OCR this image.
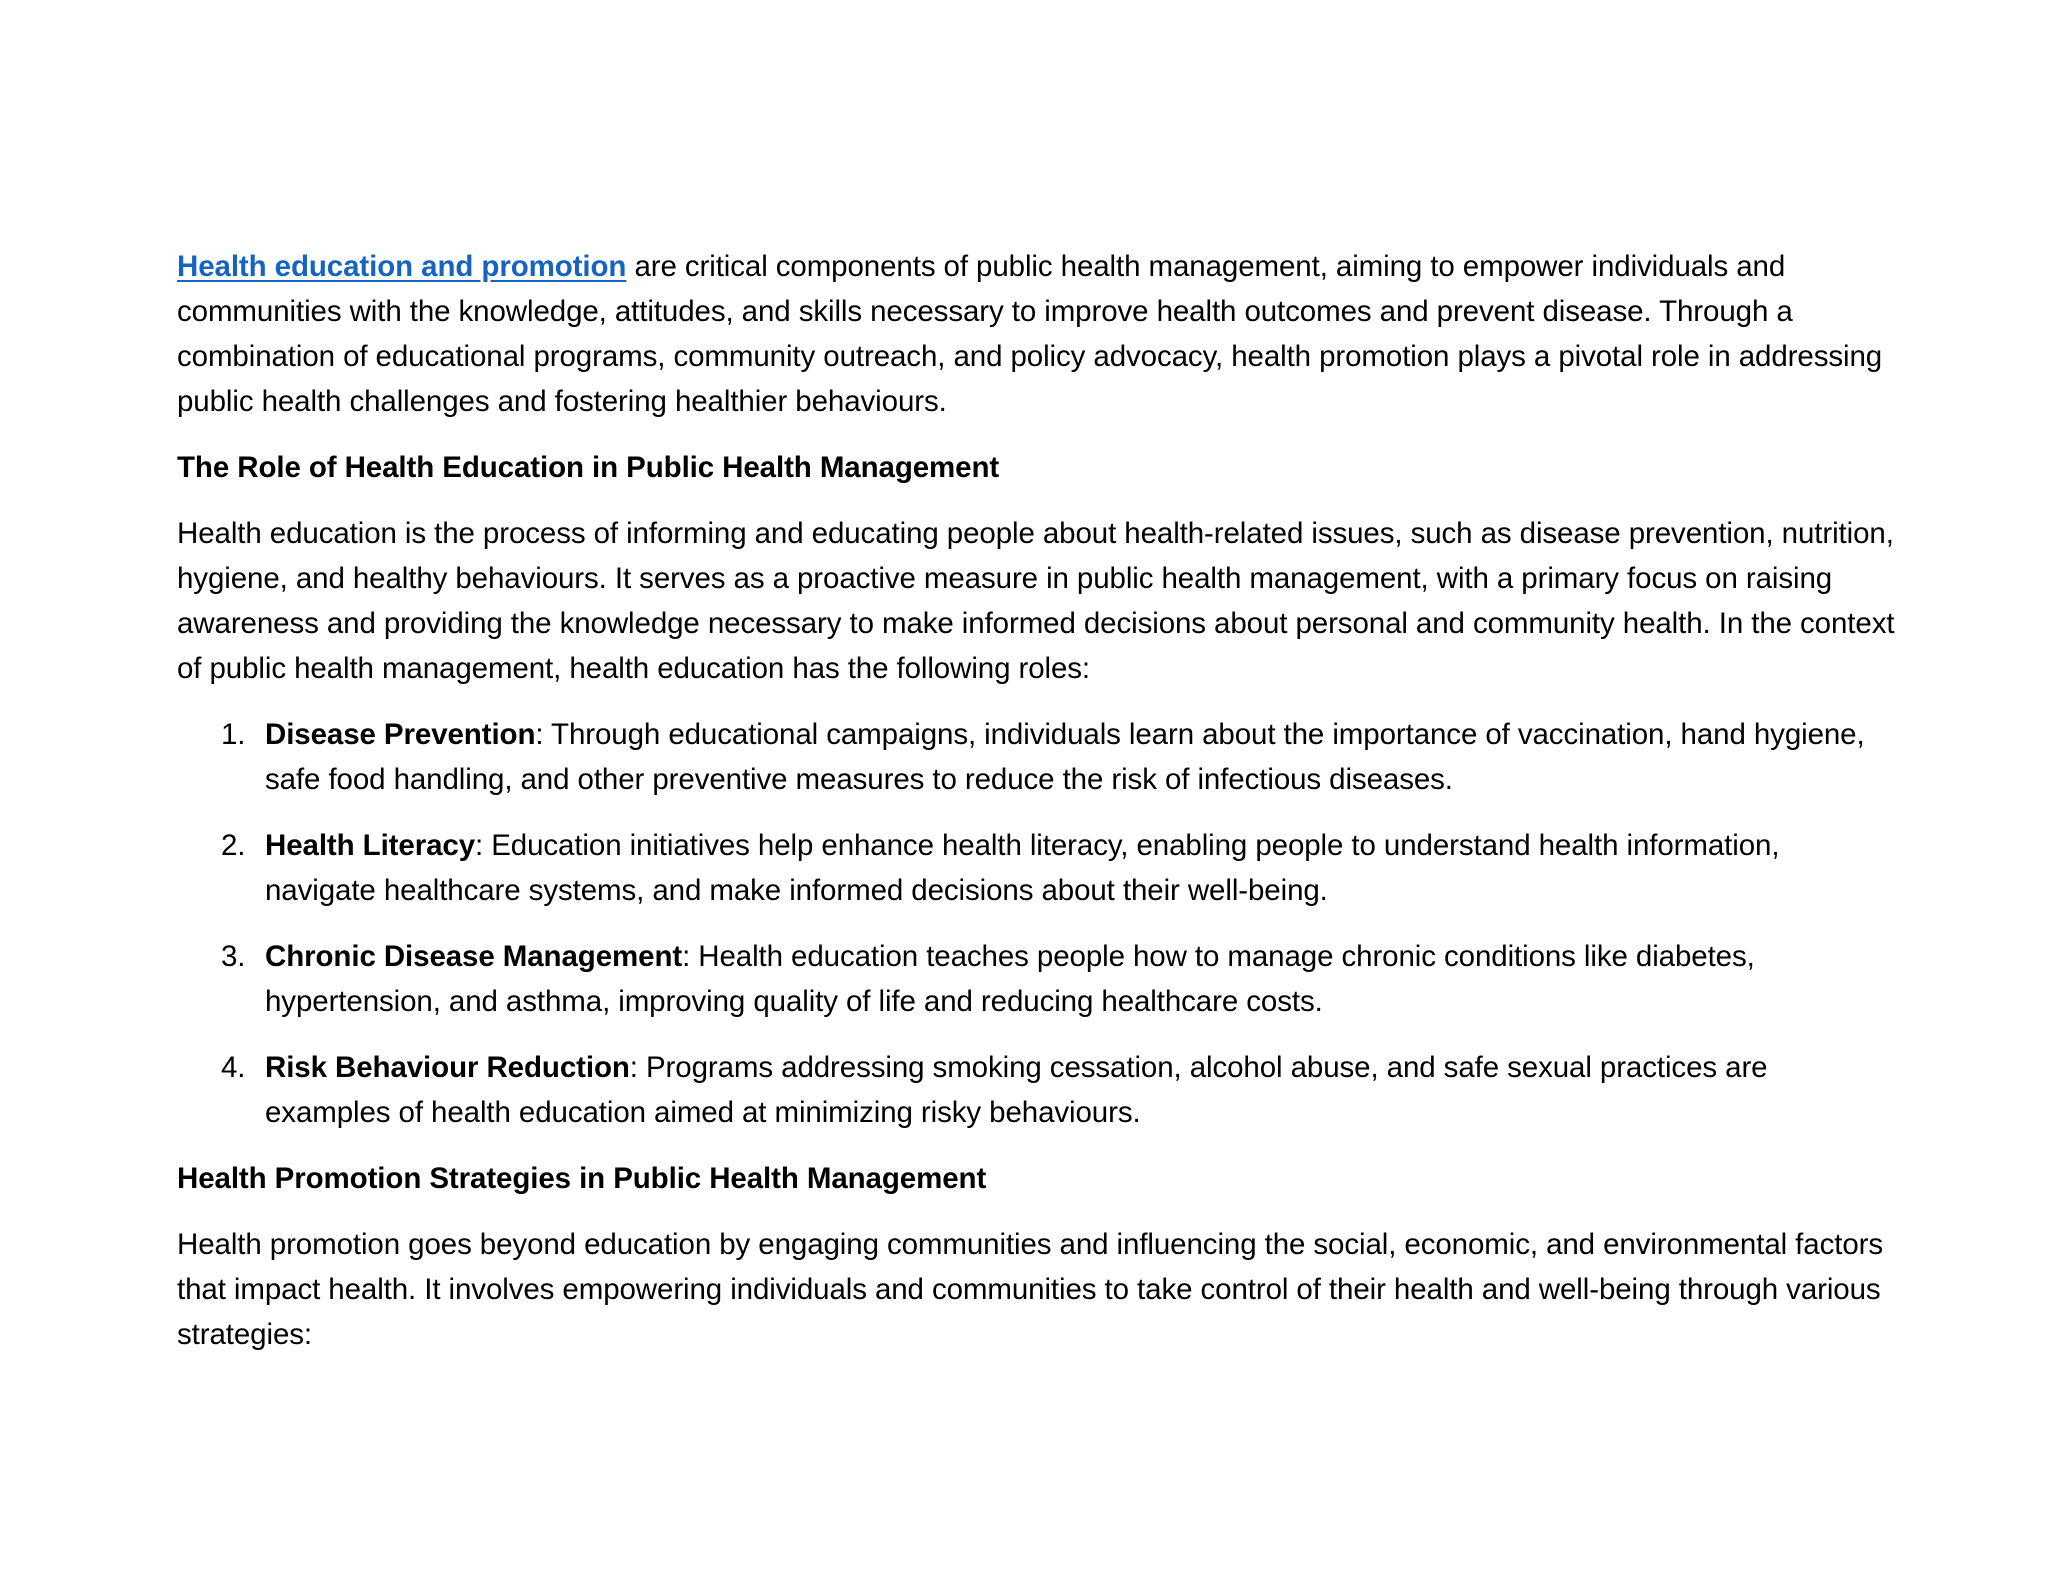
Health education and promotion are critical components of public health management, aiming to empower individuals and communities with the knowledge, attitudes, and skills necessary to improve health outcomes and prevent disease. Through a combination of educational programs, community outreach, and policy advocacy, health promotion plays a pivotal role in addressing public health challenges and fostering healthier behaviours.

The Role of Health Education in Public Health Management

Health education is the process of informing and educating people about health-related issues, such as disease prevention, nutrition, hygiene, and healthy behaviours. It serves as a proactive measure in public health management, with a primary focus on raising awareness and providing the knowledge necessary to make informed decisions about personal and community health. In the context of public health management, health education has the following roles:

1. Disease Prevention: Through educational campaigns, individuals learn about the importance of vaccination, hand hygiene, safe food handling, and other preventive measures to reduce the risk of infectious diseases.
2. Health Literacy: Education initiatives help enhance health literacy, enabling people to understand health information, navigate healthcare systems, and make informed decisions about their well-being.
3. Chronic Disease Management: Health education teaches people how to manage chronic conditions like diabetes, hypertension, and asthma, improving quality of life and reducing healthcare costs.
4. Risk Behaviour Reduction: Programs addressing smoking cessation, alcohol abuse, and safe sexual practices are examples of health education aimed at minimizing risky behaviours.

Health Promotion Strategies in Public Health Management

Health promotion goes beyond education by engaging communities and influencing the social, economic, and environmental factors that impact health. It involves empowering individuals and communities to take control of their health and well-being through various strategies:
